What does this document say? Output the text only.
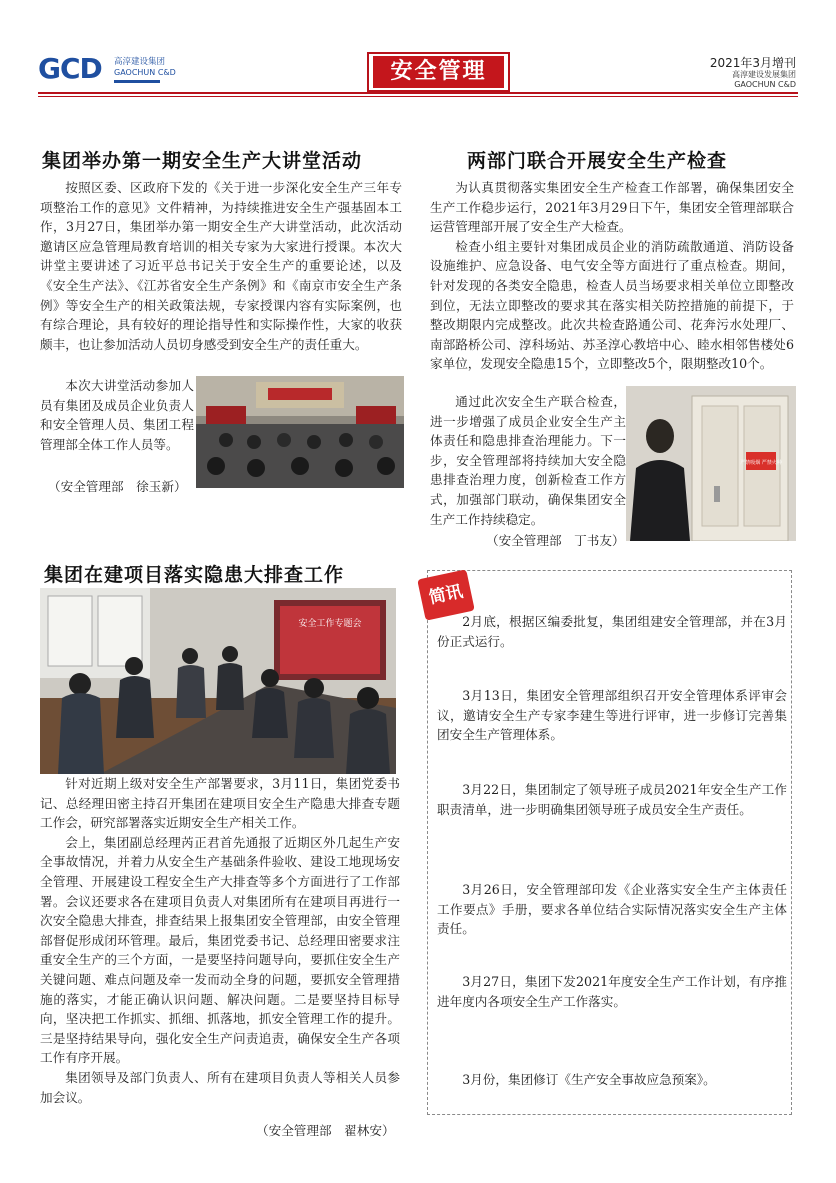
GCD	高淳建设集团
GAOCHUN C&D	安全管理	2021年3月增刊
高淳建设发展集团
GAOCHUN C&D
集团举办第一期安全生产大讲堂活动

按照区委、区政府下发的《关于进一步深化安全生产三年专项整治工作的意见》文件精神，为持续推进安全生产强基固本工作，3月27日，集团举办第一期安全生产大讲堂活动，此次活动邀请区应急管理局教育培训的相关专家为大家进行授课。本次大讲堂主要讲述了习近平总书记关于安全生产的重要论述，以及《安全生产法》、《江苏省安全生产条例》和《南京市安全生产条例》等安全生产的相关政策法规，专家授课内容有实际案例，也有综合理论，具有较好的理论指导性和实际操作性，大家的收获颇丰，也让参加活动人员切身感受到安全生产的责任重大。

本次大讲堂活动参加人员有集团及成员企业负责人和安全管理人员、集团工程管理部全体工作人员等。

（安全管理部　徐玉新）
两部门联合开展安全生产检查

为认真贯彻落实集团安全生产检查工作部署，确保集团安全生产工作稳步运行，2021年3月29日下午，集团安全管理部联合运营管理部开展了安全生产大检查。

检查小组主要针对集团成员企业的消防疏散通道、消防设备设施维护、应急设备、电气安全等方面进行了重点检查。期间，针对发现的各类安全隐患，检查人员当场要求相关单位立即整改到位，无法立即整改的要求其在落实相关防控措施的前提下，于整改期限内完成整改。此次共检查路通公司、花奔污水处理厂、南部路桥公司、淳科场站、苏圣淳心教培中心、睦水相邻售楼处6家单位，发现安全隐患15个，立即整改5个，限期整改10个。

通过此次安全生产联合检查，进一步增强了成员企业安全生产主体责任和隐患排查治理能力。下一步，安全管理部将持续加大安全隐患排查治理力度，创新检查工作方式，加强部门联动，确保集团安全生产工作持续稳定。

（安全管理部　丁书友）
严禁吸烟 严禁火种
集团在建项目落实隐患大排查工作
安全工作专题会

针对近期上级对安全生产部署要求，3月11日，集团党委书记、总经理田密主持召开集团在建项目安全生产隐患大排查专题工作会，研究部署落实近期安全生产相关工作。

会上，集团副总经理芮正君首先通报了近期区外几起生产安全事故情况，并着力从安全生产基础条件验收、建设工地现场安全管理、开展建设工程安全生产大排查等多个方面进行了工作部署。会议还要求各在建项目负责人对集团所有在建项目再进行一次安全隐患大排查，排查结果上报集团安全管理部，由安全管理部督促形成闭环管理。最后，集团党委书记、总经理田密要求注重安全生产的三个方面，一是要坚持问题导向，要抓住安全生产关键问题、难点问题及牵一发而动全身的问题，要抓安全管理措施的落实，才能正确认识问题、解决问题。二是要坚持目标导向，坚决把工作抓实、抓细、抓落地，抓安全管理工作的提升。三是坚持结果导向，强化安全生产问责追责，确保安全生产各项工作有序开展。

集团领导及部门负责人、所有在建项目负责人等相关人员参加会议。

（安全管理部　翟林安）
简讯

2月底，根据区编委批复，集团组建安全管理部，并在3月份正式运行。

3月13日，集团安全管理部组织召开安全管理体系评审会议，邀请安全生产专家李建生等进行评审，进一步修订完善集团安全生产管理体系。

3月22日，集团制定了领导班子成员2021年安全生产工作职责清单，进一步明确集团领导班子成员安全生产责任。

3月26日，安全管理部印发《企业落实安全生产主体责任工作要点》手册，要求各单位结合实际情况落实安全生产主体责任。

3月27日，集团下发2021年度安全生产工作计划，有序推进年度内各项安全生产工作落实。

3月份，集团修订《生产安全事故应急预案》。
